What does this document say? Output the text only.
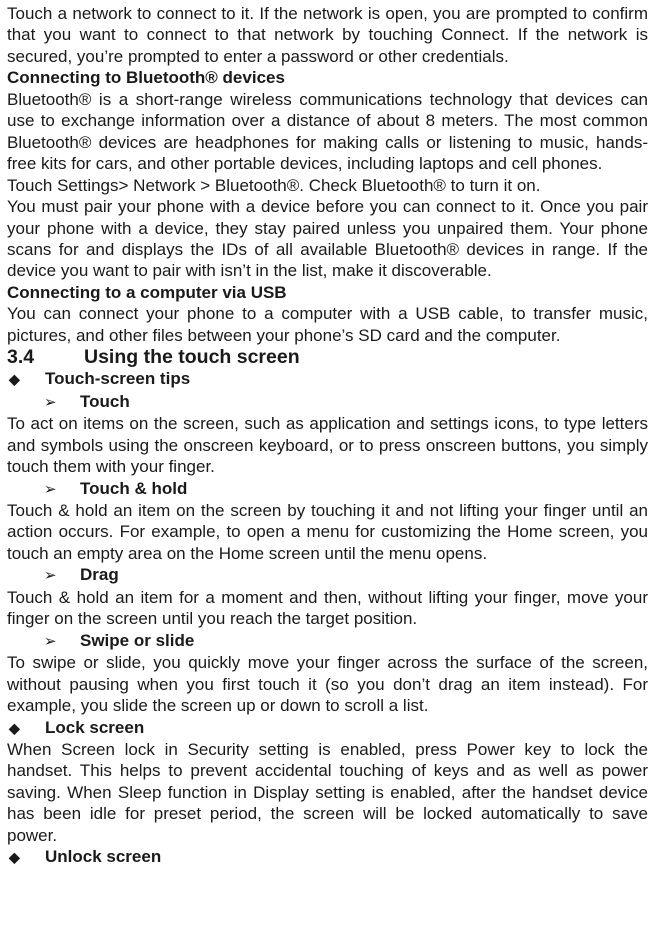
Touch a network to connect to it. If the network is open, you are prompted to confirm that you want to connect to that network by touching Connect. If the network is secured, you’re prompted to enter a password or other credentials.

Connecting to Bluetooth® devices

Bluetooth® is a short-range wireless communications technology that devices can use to exchange information over a distance of about 8 meters. The most common Bluetooth® devices are headphones for making calls or listening to music, hands-free kits for cars, and other portable devices, including laptops and cell phones.

Touch Settings> Network > Bluetooth®. Check Bluetooth® to turn it on.

You must pair your phone with a device before you can connect to it. Once you pair your phone with a device, they stay paired unless you unpaired them. Your phone scans for and displays the IDs of all available Bluetooth® devices in range. If the device you want to pair with isn’t in the list, make it discoverable.

Connecting to a computer via USB

You can connect your phone to a computer with a USB cable, to transfer music, pictures, and other files between your phone’s SD card and the computer.

3.4	Using the touch screen

◆ Touch-screen tips

➢ Touch

To act on items on the screen, such as application and settings icons, to type letters and symbols using the onscreen keyboard, or to press onscreen buttons, you simply touch them with your finger.

➢ Touch & hold

Touch & hold an item on the screen by touching it and not lifting your finger until an action occurs. For example, to open a menu for customizing the Home screen, you touch an empty area on the Home screen until the menu opens.

➢ Drag

Touch & hold an item for a moment and then, without lifting your finger, move your finger on the screen until you reach the target position.

➢ Swipe or slide

To swipe or slide, you quickly move your finger across the surface of the screen, without pausing when you first touch it (so you don’t drag an item instead). For example, you slide the screen up or down to scroll a list.

◆ Lock screen

When Screen lock in Security setting is enabled, press Power key to lock the handset. This helps to prevent accidental touching of keys and as well as power saving. When Sleep function in Display setting is enabled, after the handset device has been idle for preset period, the screen will be locked automatically to save power.

◆ Unlock screen
